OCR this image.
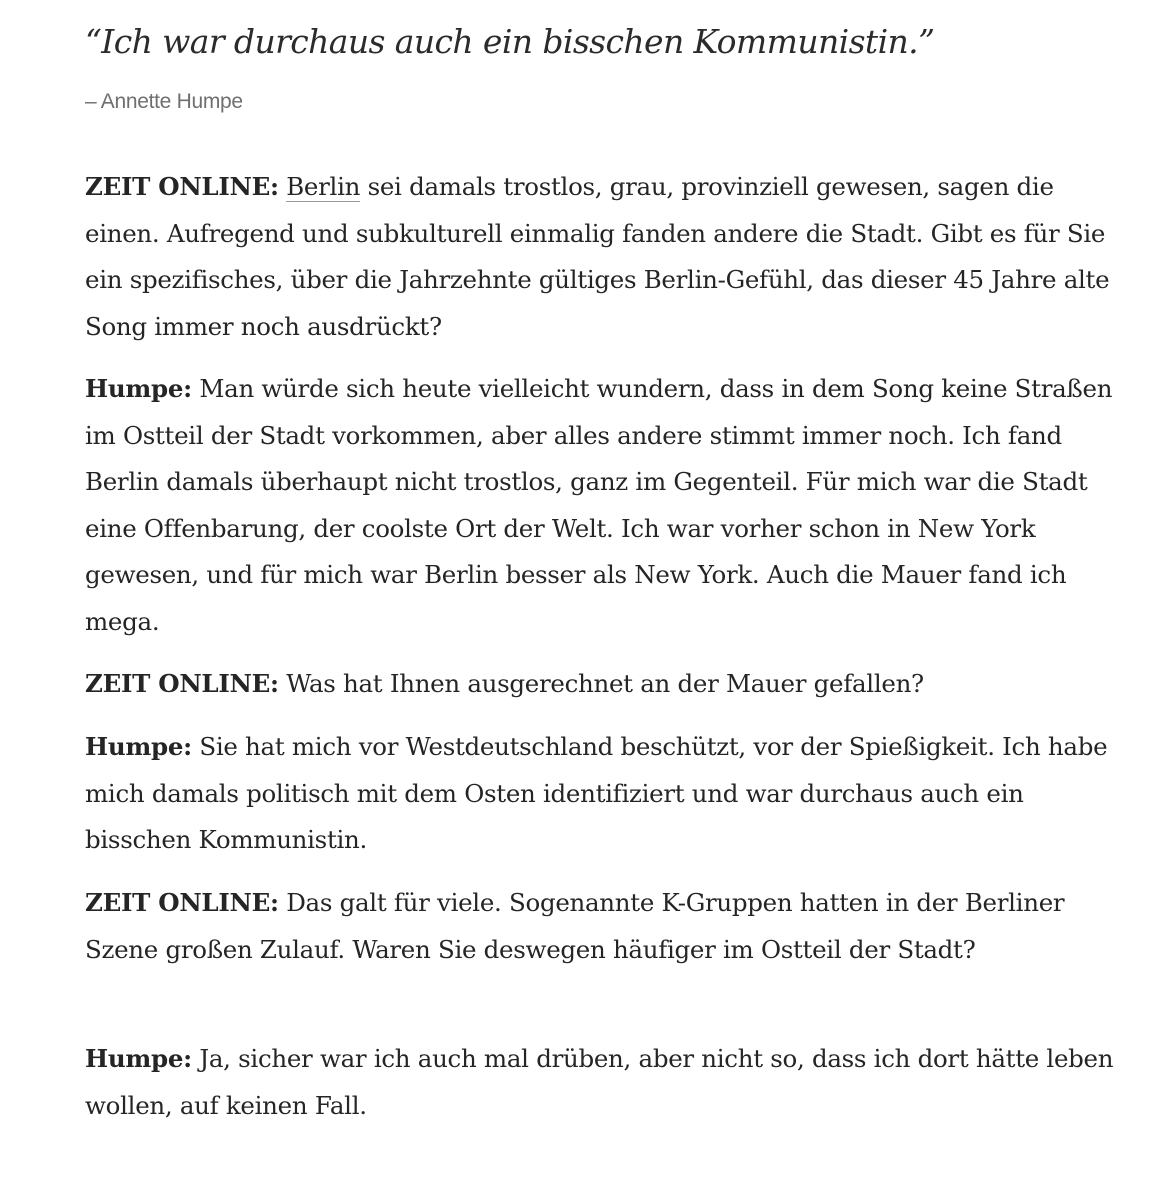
“Ich war durchaus auch ein bisschen Kommunistin.”

– Annette Humpe

ZEIT ONLINE: Berlin sei damals trostlos, grau, provinziell gewesen, sagen die einen. Aufregend und subkulturell einmalig fanden andere die Stadt. Gibt es für Sie ein spezifisches, über die Jahrzehnte gültiges Berlin-Gefühl, das dieser 45 Jahre alte Song immer noch ausdrückt?

Humpe: Man würde sich heute vielleicht wundern, dass in dem Song keine Straßen im Ostteil der Stadt vorkommen, aber alles andere stimmt immer noch. Ich fand Berlin damals überhaupt nicht trostlos, ganz im Gegenteil. Für mich war die Stadt eine Offenbarung, der coolste Ort der Welt. Ich war vorher schon in New York gewesen, und für mich war Berlin besser als New York. Auch die Mauer fand ich mega.

ZEIT ONLINE: Was hat Ihnen ausgerechnet an der Mauer gefallen?

Humpe: Sie hat mich vor Westdeutschland beschützt, vor der Spießigkeit. Ich habe mich damals politisch mit dem Osten identifiziert und war durchaus auch ein bisschen Kommunistin.

ZEIT ONLINE: Das galt für viele. Sogenannte K-Gruppen hatten in der Berliner Szene großen Zulauf. Waren Sie deswegen häufiger im Ostteil der Stadt?

Humpe: Ja, sicher war ich auch mal drüben, aber nicht so, dass ich dort hätte leben wollen, auf keinen Fall.
